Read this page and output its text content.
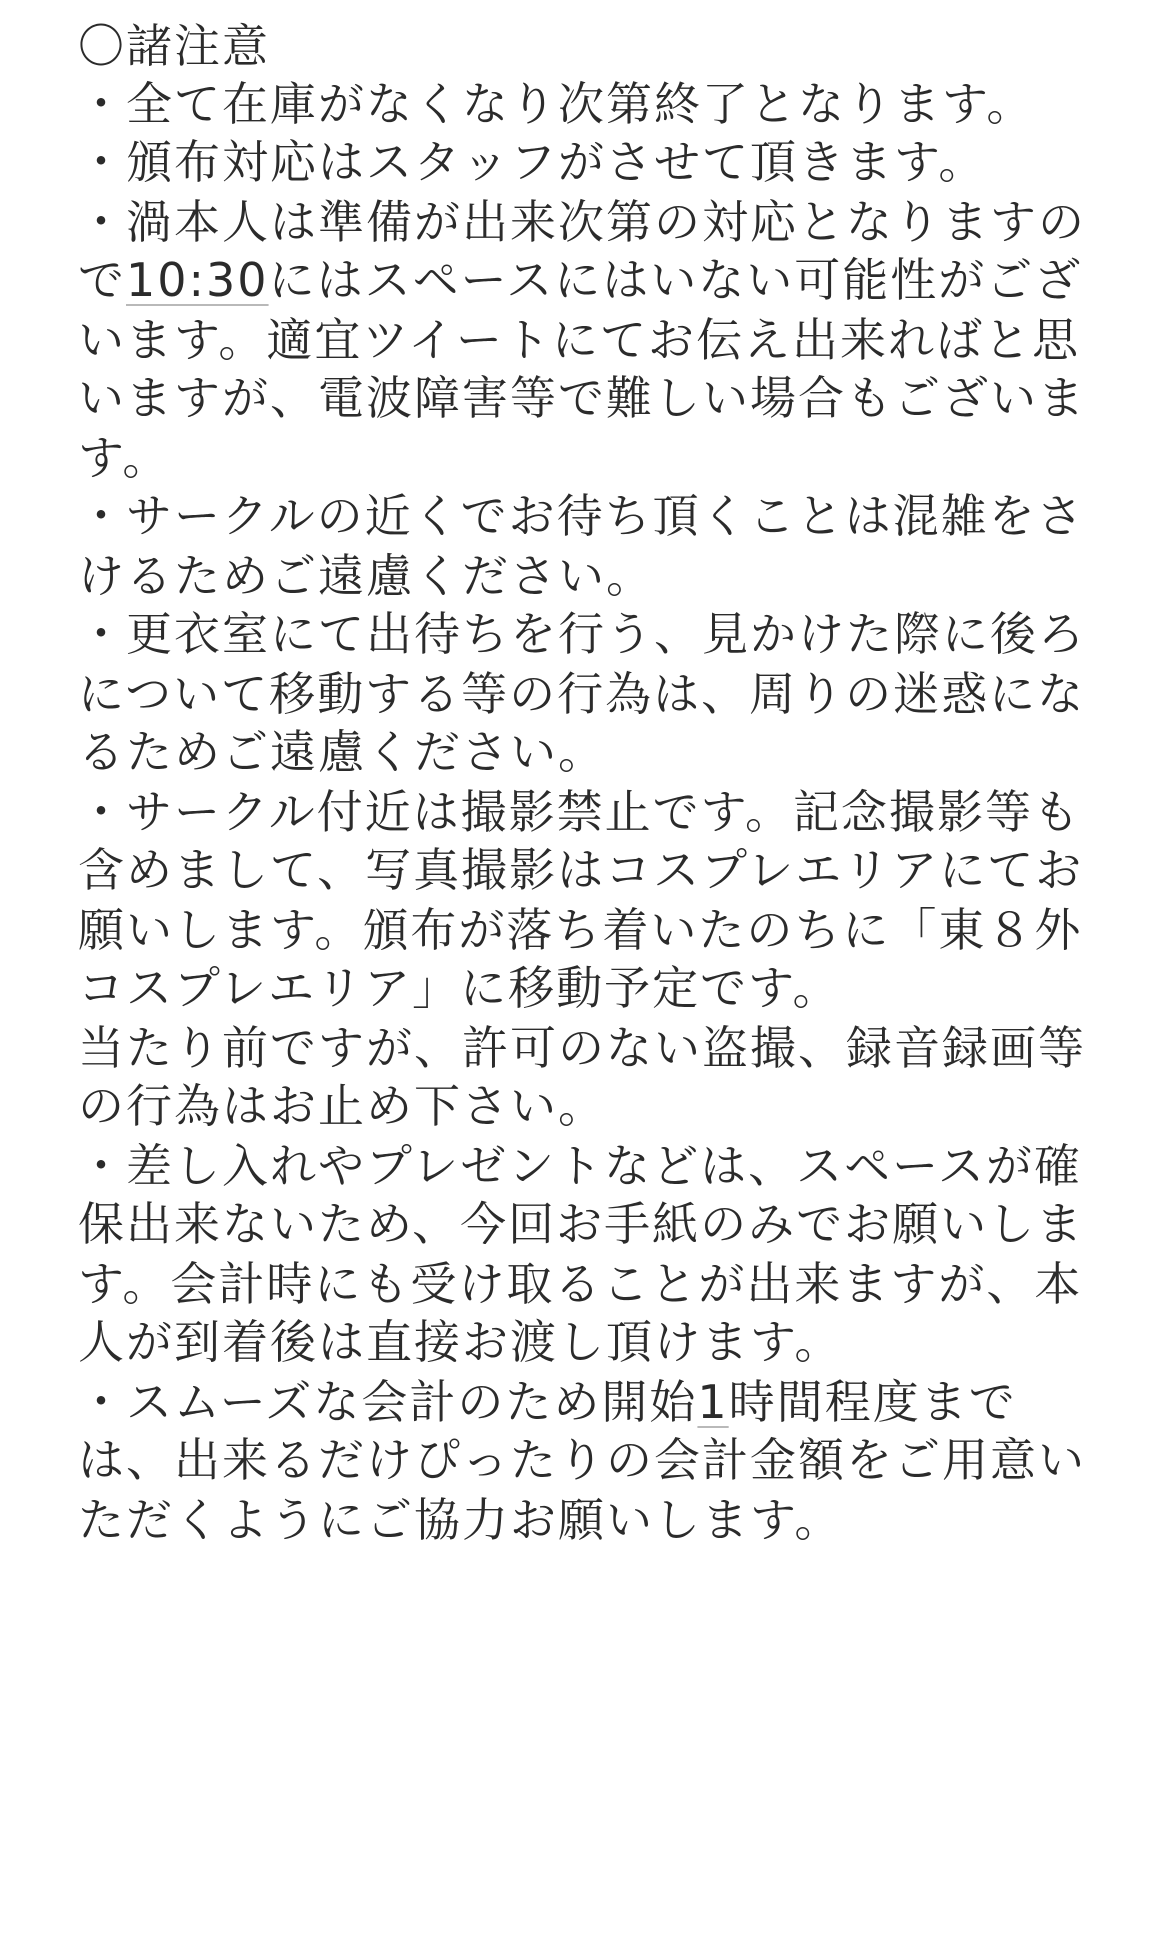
〇諸注意
・全て在庫がなくなり次第終了となります。
・頒布対応はスタッフがさせて頂きます。
・渦本人は準備が出来次第の対応となりますの
で10:30にはスペースにはいない可能性がござ
います。適宜ツイートにてお伝え出来ればと思
いますが、電波障害等で難しい場合もございま
す。
・サークルの近くでお待ち頂くことは混雑をさ
けるためご遠慮ください。
・更衣室にて出待ちを行う、見かけた際に後ろ
について移動する等の行為は、周りの迷惑にな
るためご遠慮ください。
・サークル付近は撮影禁止です。記念撮影等も
含めまして、写真撮影はコスプレエリアにてお
願いします。頒布が落ち着いたのちに「東８外
コスプレエリア」に移動予定です。
当たり前ですが、許可のない盗撮、録音録画等
の行為はお止め下さい。
・差し入れやプレゼントなどは、スペースが確
保出来ないため、今回お手紙のみでお願いしま
す。会計時にも受け取ることが出来ますが、本
人が到着後は直接お渡し頂けます。
・スムーズな会計のため開始1時間程度まで
は、出来るだけぴったりの会計金額をご用意い
ただくようにご協力お願いします。
